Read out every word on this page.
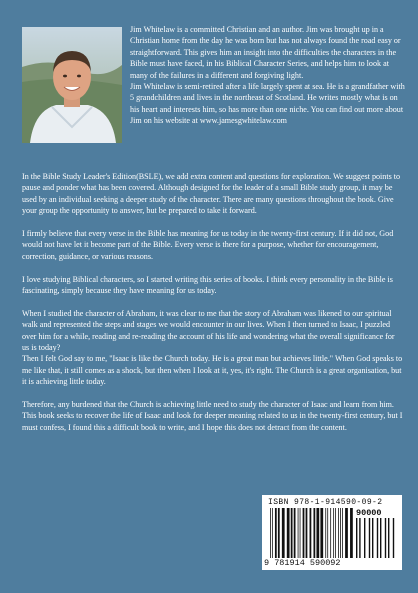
Jim Whitelaw is a committed Christian and an author. Jim was brought up in a Christian home from the day he was born but has not always found the road easy or straightforward. This gives him an insight into the difficulties the characters in the Bible must have faced, in his Biblical Character Series, and helps him to look at many of the failures in a different and forgiving light.

Jim Whitelaw is semi-retired after a life largely spent at sea. He is a grandfather with 5 grandchildren and lives in the northeast of Scotland. He writes mostly what is on his heart and interests him, so has more than one niche. You can find out more about Jim on his website at www.jamesgwhitelaw.com

In the Bible Study Leader's Edition(BSLE), we add extra content and questions for exploration. We suggest points to pause and ponder what has been covered. Although designed for the leader of a small Bible study group, it may be used by an individual seeking a deeper study of the character. There are many questions throughout the book. Give your group the opportunity to answer, but be prepared to take it forward.

I firmly believe that every verse in the Bible has meaning for us today in the twenty-first century. If it did not, God would not have let it become part of the Bible. Every verse is there for a purpose, whether for encouragement, correction, guidance, or various reasons.

I love studying Biblical characters, so I started writing this series of books. I think every personality in the Bible is fascinating, simply because they have meaning for us today.

When I studied the character of Abraham, it was clear to me that the story of Abraham was likened to our spiritual walk and represented the steps and stages we would encounter in our lives. When I then turned to Isaac, I puzzled over him for a while, reading and re-reading the account of his life and wondering what the overall significance for us is today?
Then I felt God say to me, "Isaac is like the Church today. He is a great man but achieves little." When God speaks to me like that, it still comes as a shock, but then when I look at it, yes, it's right. The Church is a great organisation, but it is achieving little today.

Therefore, any burdened that the Church is achieving little need to study the character of Isaac and learn from him. This book seeks to recover the life of Isaac and look for deeper meaning related to us in the twenty-first century, but I must confess, I found this a difficult book to write, and I hope this does not detract from the content.

ISBN 978-1-914590-09-2
90000
9 781914 590092
